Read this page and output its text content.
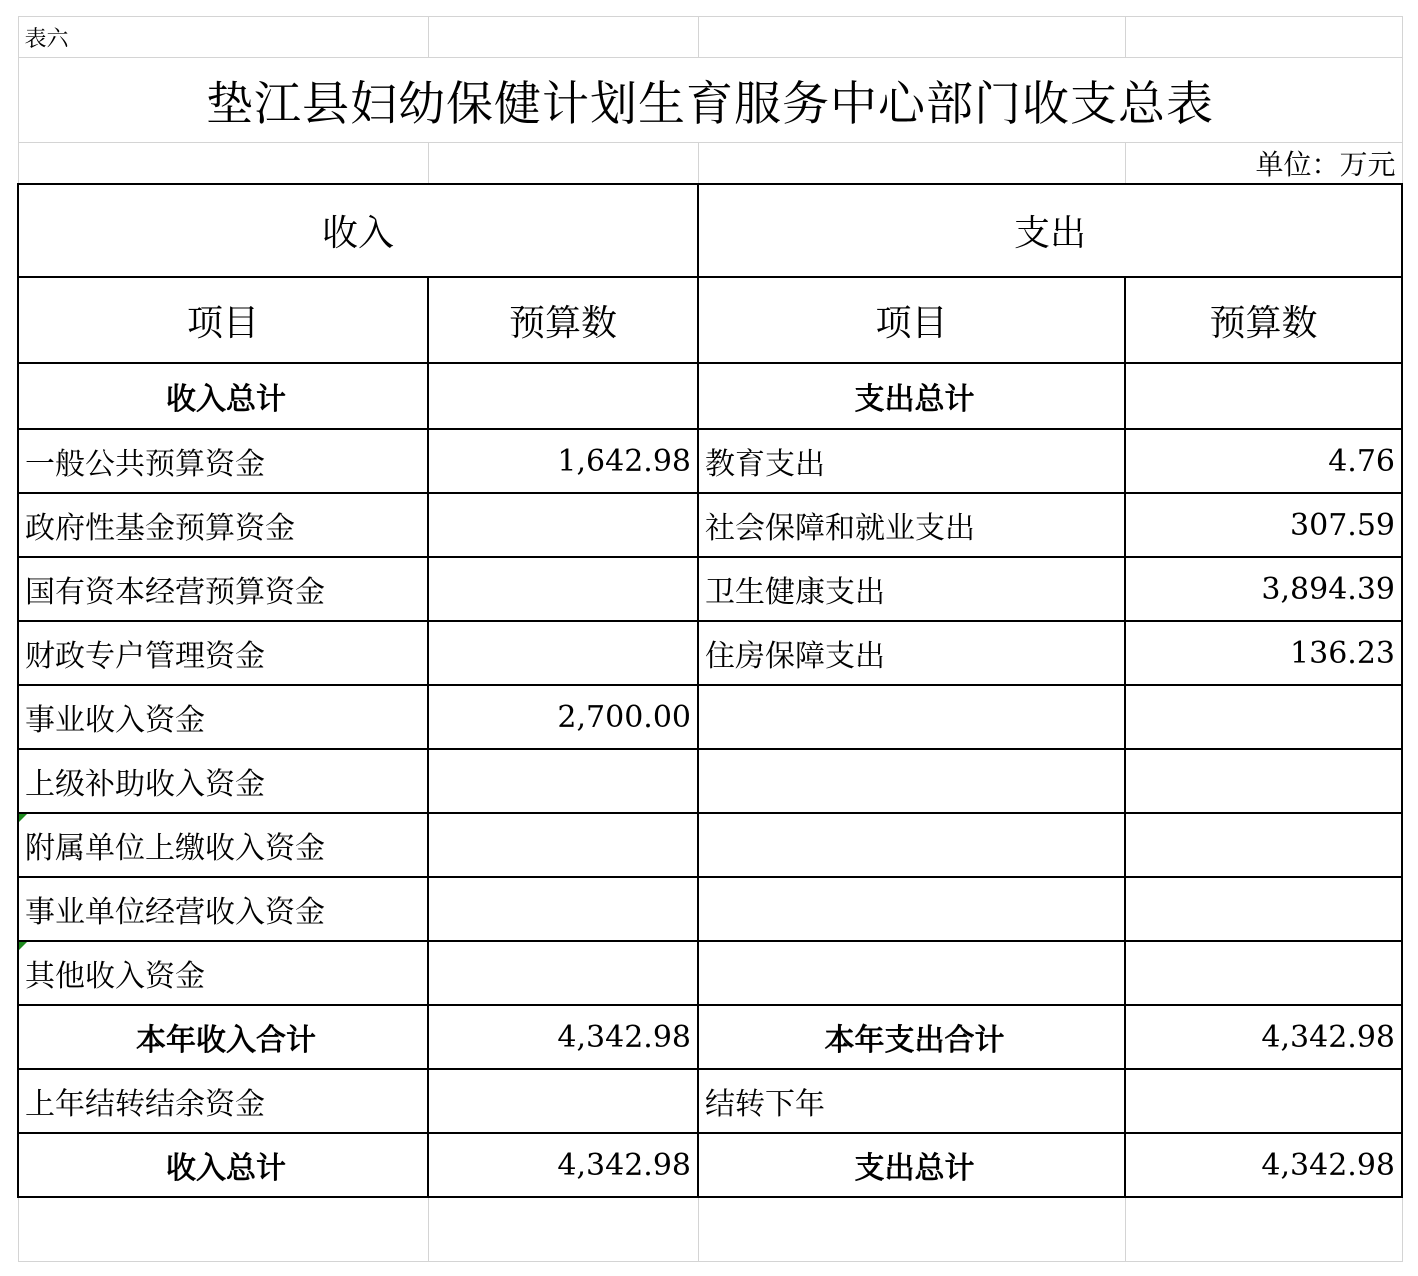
表六			
垫江县妇幼保健计划生育服务中心部门收支总表			
			单位：万元
收入		支出	
项目	预算数	项目	预算数
收入总计		支出总计	
一般公共预算资金	1,642.98	教育支出	4.76
政府性基金预算资金		社会保障和就业支出	307.59
国有资本经营预算资金		卫生健康支出	3,894.39
财政专户管理资金		住房保障支出	136.23
事业收入资金	2,700.00		
上级补助收入资金			
附属单位上缴收入资金			
事业单位经营收入资金			
其他收入资金			
本年收入合计	4,342.98	本年支出合计	4,342.98
上年结转结余资金		结转下年	
收入总计	4,342.98	支出总计	4,342.98
